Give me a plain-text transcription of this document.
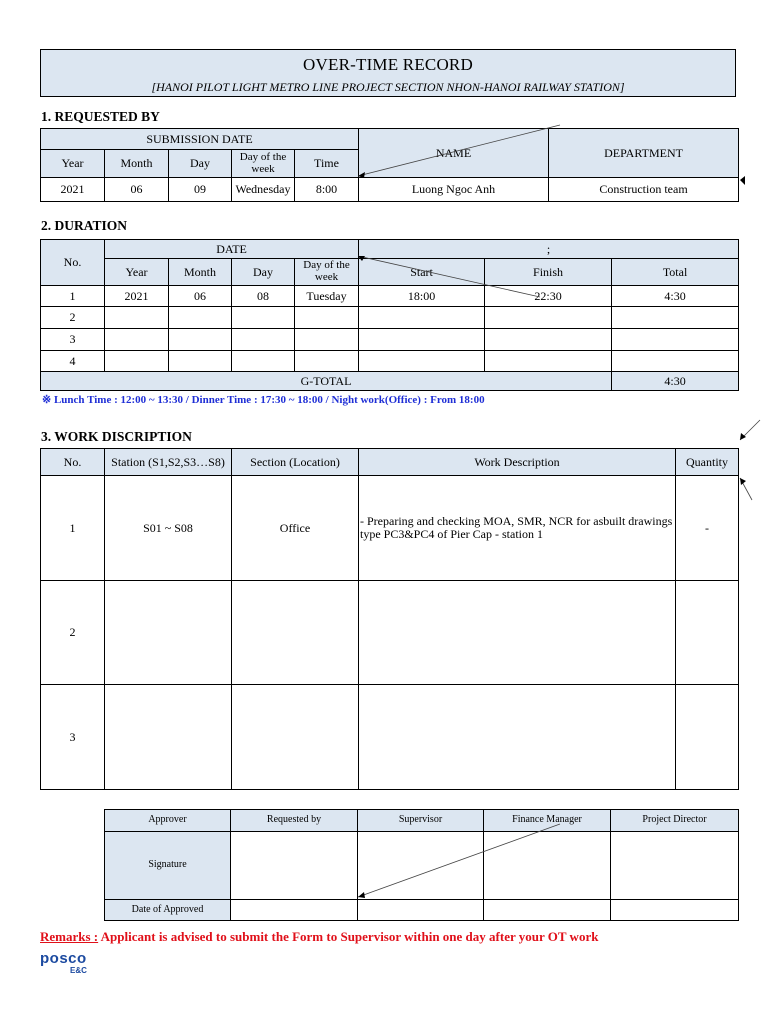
OVER-TIME RECORD
[HANOI PILOT LIGHT METRO LINE PROJECT SECTION NHON-HANOI RAILWAY STATION]
1. REQUESTED BY
SUBMISSION DATE					NAME	DEPARTMENT
Year	Month	Day	Day of the week	Time		
2021	06	09	Wednesday	8:00	Luong Ngoc Anh	Construction team
2. DURATION
No.	DATE				;		
	Year	Month	Day	Day of the week	Start	Finish	Total
1	2021	06	08	Tuesday	18:00	22:30	4:30
2							
3							
4							
G-TOTAL							4:30
※ Lunch Time : 12:00 ~ 13:30 / Dinner Time : 17:30 ~ 18:00 / Night work(Office) : From 18:00
3. WORK DISCRIPTION
No.	Station (S1,S2,S3…S8)	Section (Location)	Work Description	Quantity
1	S01 ~ S08	Office	- Preparing and checking MOA, SMR, NCR for asbuilt drawings type PC3&PC4 of Pier Cap - station 1	-
2				
3				
Approver	Requested by	Supervisor	Finance Manager	Project Director
Signature				
Date of Approved				
Remarks : Applicant is advised to submit the Form to Supervisor within one day after your OT work
posco
E&C
